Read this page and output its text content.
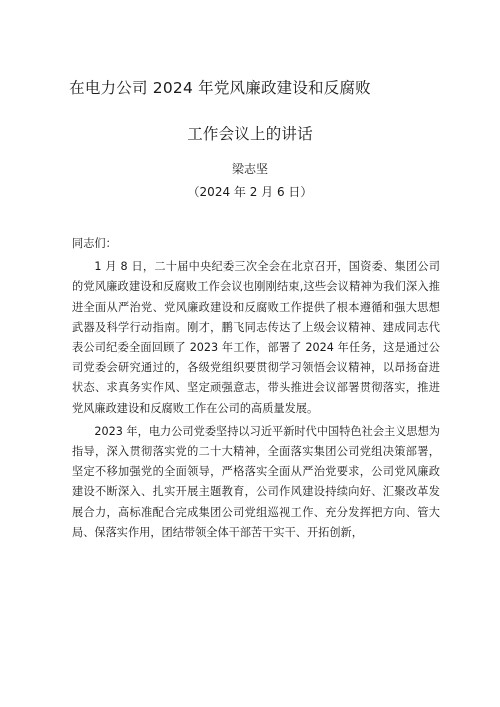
在电力公司 2024 年党风廉政建设和反腐败
工作会议上的讲话
梁志坚
（2024 年 2 月 6 日）

同志们：

1 月 8 日，二十届中央纪委三次全会在北京召开，国资委、集团公司的党风廉政建设和反腐败工作会议也刚刚结束,这些会议精神为我们深入推进全面从严治党、党风廉政建设和反腐败工作提供了根本遵循和强大思想武器及科学行动指南。刚才，鹏飞同志传达了上级会议精神、建成同志代表公司纪委全面回顾了 2023 年工作，部署了 2024 年任务，这是通过公司党委会研究通过的，各级党组织要贯彻学习领悟会议精神，以昂扬奋进状态、求真务实作风、坚定顽强意志，带头推进会议部署贯彻落实，推进党风廉政建设和反腐败工作在公司的高质量发展。

2023 年，电力公司党委坚持以习近平新时代中国特色社会主义思想为指导，深入贯彻落实党的二十大精神，全面落实集团公司党组决策部署，坚定不移加强党的全面领导，严格落实全面从严治党要求，公司党风廉政建设不断深入、扎实开展主题教育，公司作风建设持续向好、汇聚改革发展合力，高标准配合完成集团公司党组巡视工作、充分发挥把方向、管大局、保落实作用，团结带领全体干部苦干实干、开拓创新，
